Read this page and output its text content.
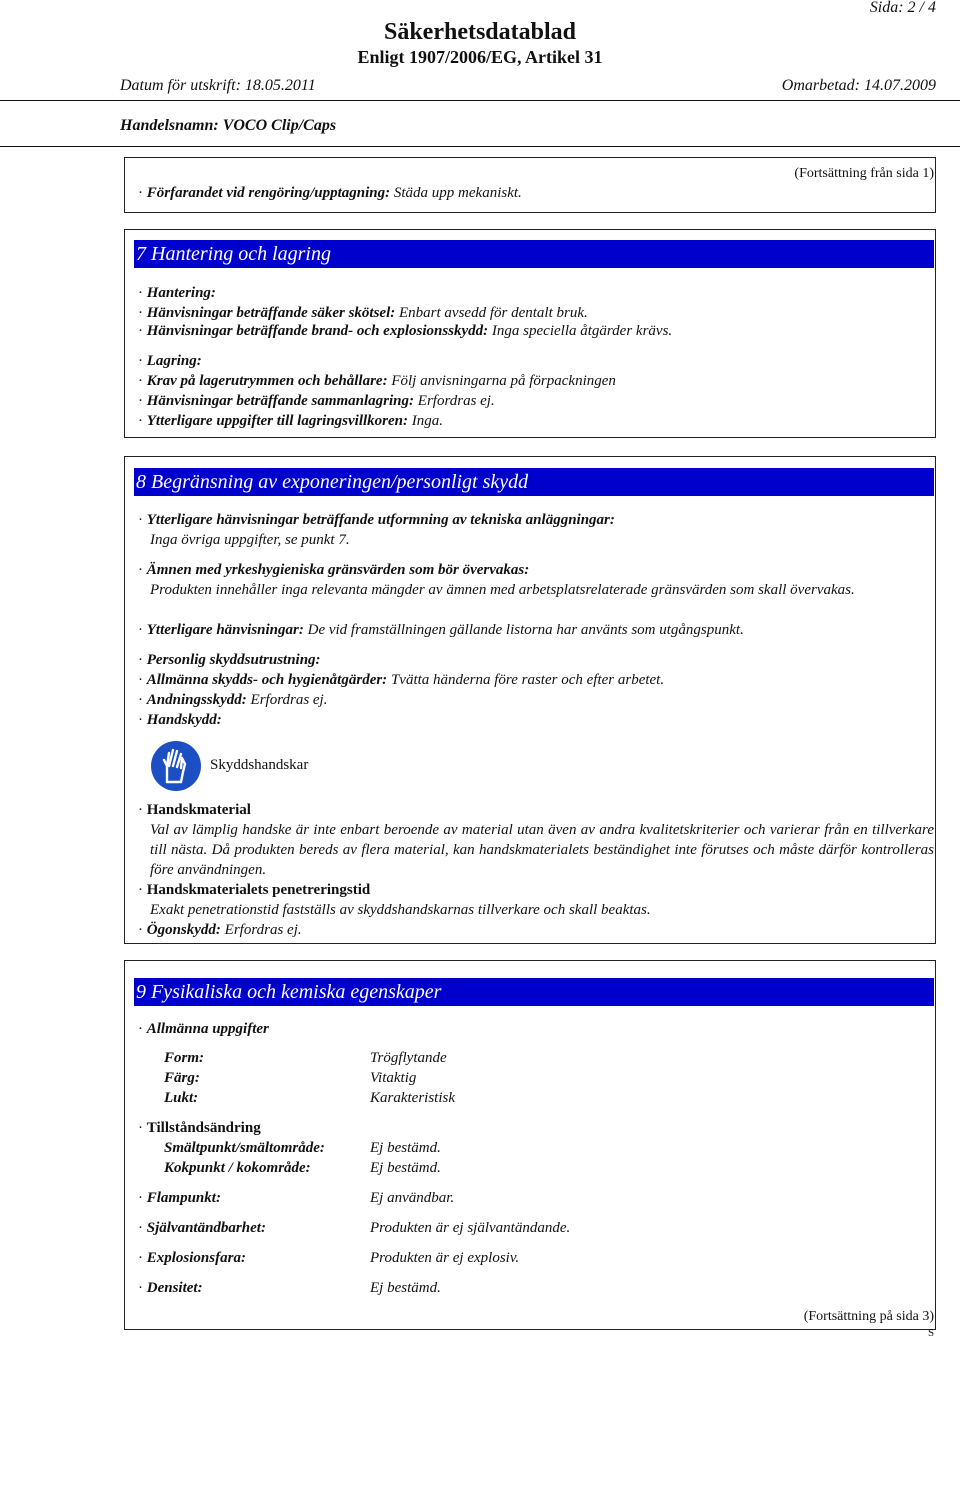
Sida: 2 / 4
Säkerhetsdatablad
Enligt 1907/2006/EG, Artikel 31
Datum för utskrift: 18.05.2011	Omarbetad: 14.07.2009
Handelsnamn: VOCO Clip/Caps
(Fortsättning från sida 1)
· Förfarandet vid rengöring/upptagning: Städa upp mekaniskt.
7 Hantering och lagring
· Hantering:
· Hänvisningar beträffande säker skötsel: Enbart avsedd för dentalt bruk.
· Hänvisningar beträffande brand- och explosionsskydd: Inga speciella åtgärder krävs.
· Lagring:
· Krav på lagerutrymmen och behållare: Följ anvisningarna på förpackningen
· Hänvisningar beträffande sammanlagring: Erfordras ej.
· Ytterligare uppgifter till lagringsvillkoren: Inga.
8 Begränsning av exponeringen/personligt skydd
· Ytterligare hänvisningar beträffande utformning av tekniska anläggningar:
Inga övriga uppgifter, se punkt 7.
· Ämnen med yrkeshygieniska gränsvärden som bör övervakas:
Produkten innehåller inga relevanta mängder av ämnen med arbetsplatsrelaterade gränsvärden som skall övervakas.
· Ytterligare hänvisningar: De vid framställningen gällande listorna har använts som utgångspunkt.
· Personlig skyddsutrustning:
· Allmänna skydds- och hygienåtgärder: Tvätta händerna före raster och efter arbetet.
· Andningsskydd: Erfordras ej.
· Handskydd:
Skyddshandskar
· Handskmaterial
Val av lämplig handske är inte enbart beroende av material utan även av andra kvalitetskriterier och varierar från en tillverkare till nästa. Då produkten bereds av flera material, kan handskmaterialets beständighet inte förutses och måste därför kontrolleras före användningen.
· Handskmaterialets penetreringstid
Exakt penetrationstid fastställs av skyddshandskarnas tillverkare och skall beaktas.
· Ögonskydd: Erfordras ej.
9 Fysikaliska och kemiska egenskaper
· Allmänna uppgifter
Form:	Trögflytande
Färg:	Vitaktig
Lukt:	Karakteristisk
· Tillståndsändring
Smältpunkt/smältområde:	Ej bestämd.
Kokpunkt / kokområde:	Ej bestämd.
· Flampunkt:	Ej användbar.
· Självantändbarhet:	Produkten är ej självantändande.
· Explosionsfara:	Produkten är ej explosiv.
· Densitet:	Ej bestämd.
(Fortsättning på sida 3)
S
